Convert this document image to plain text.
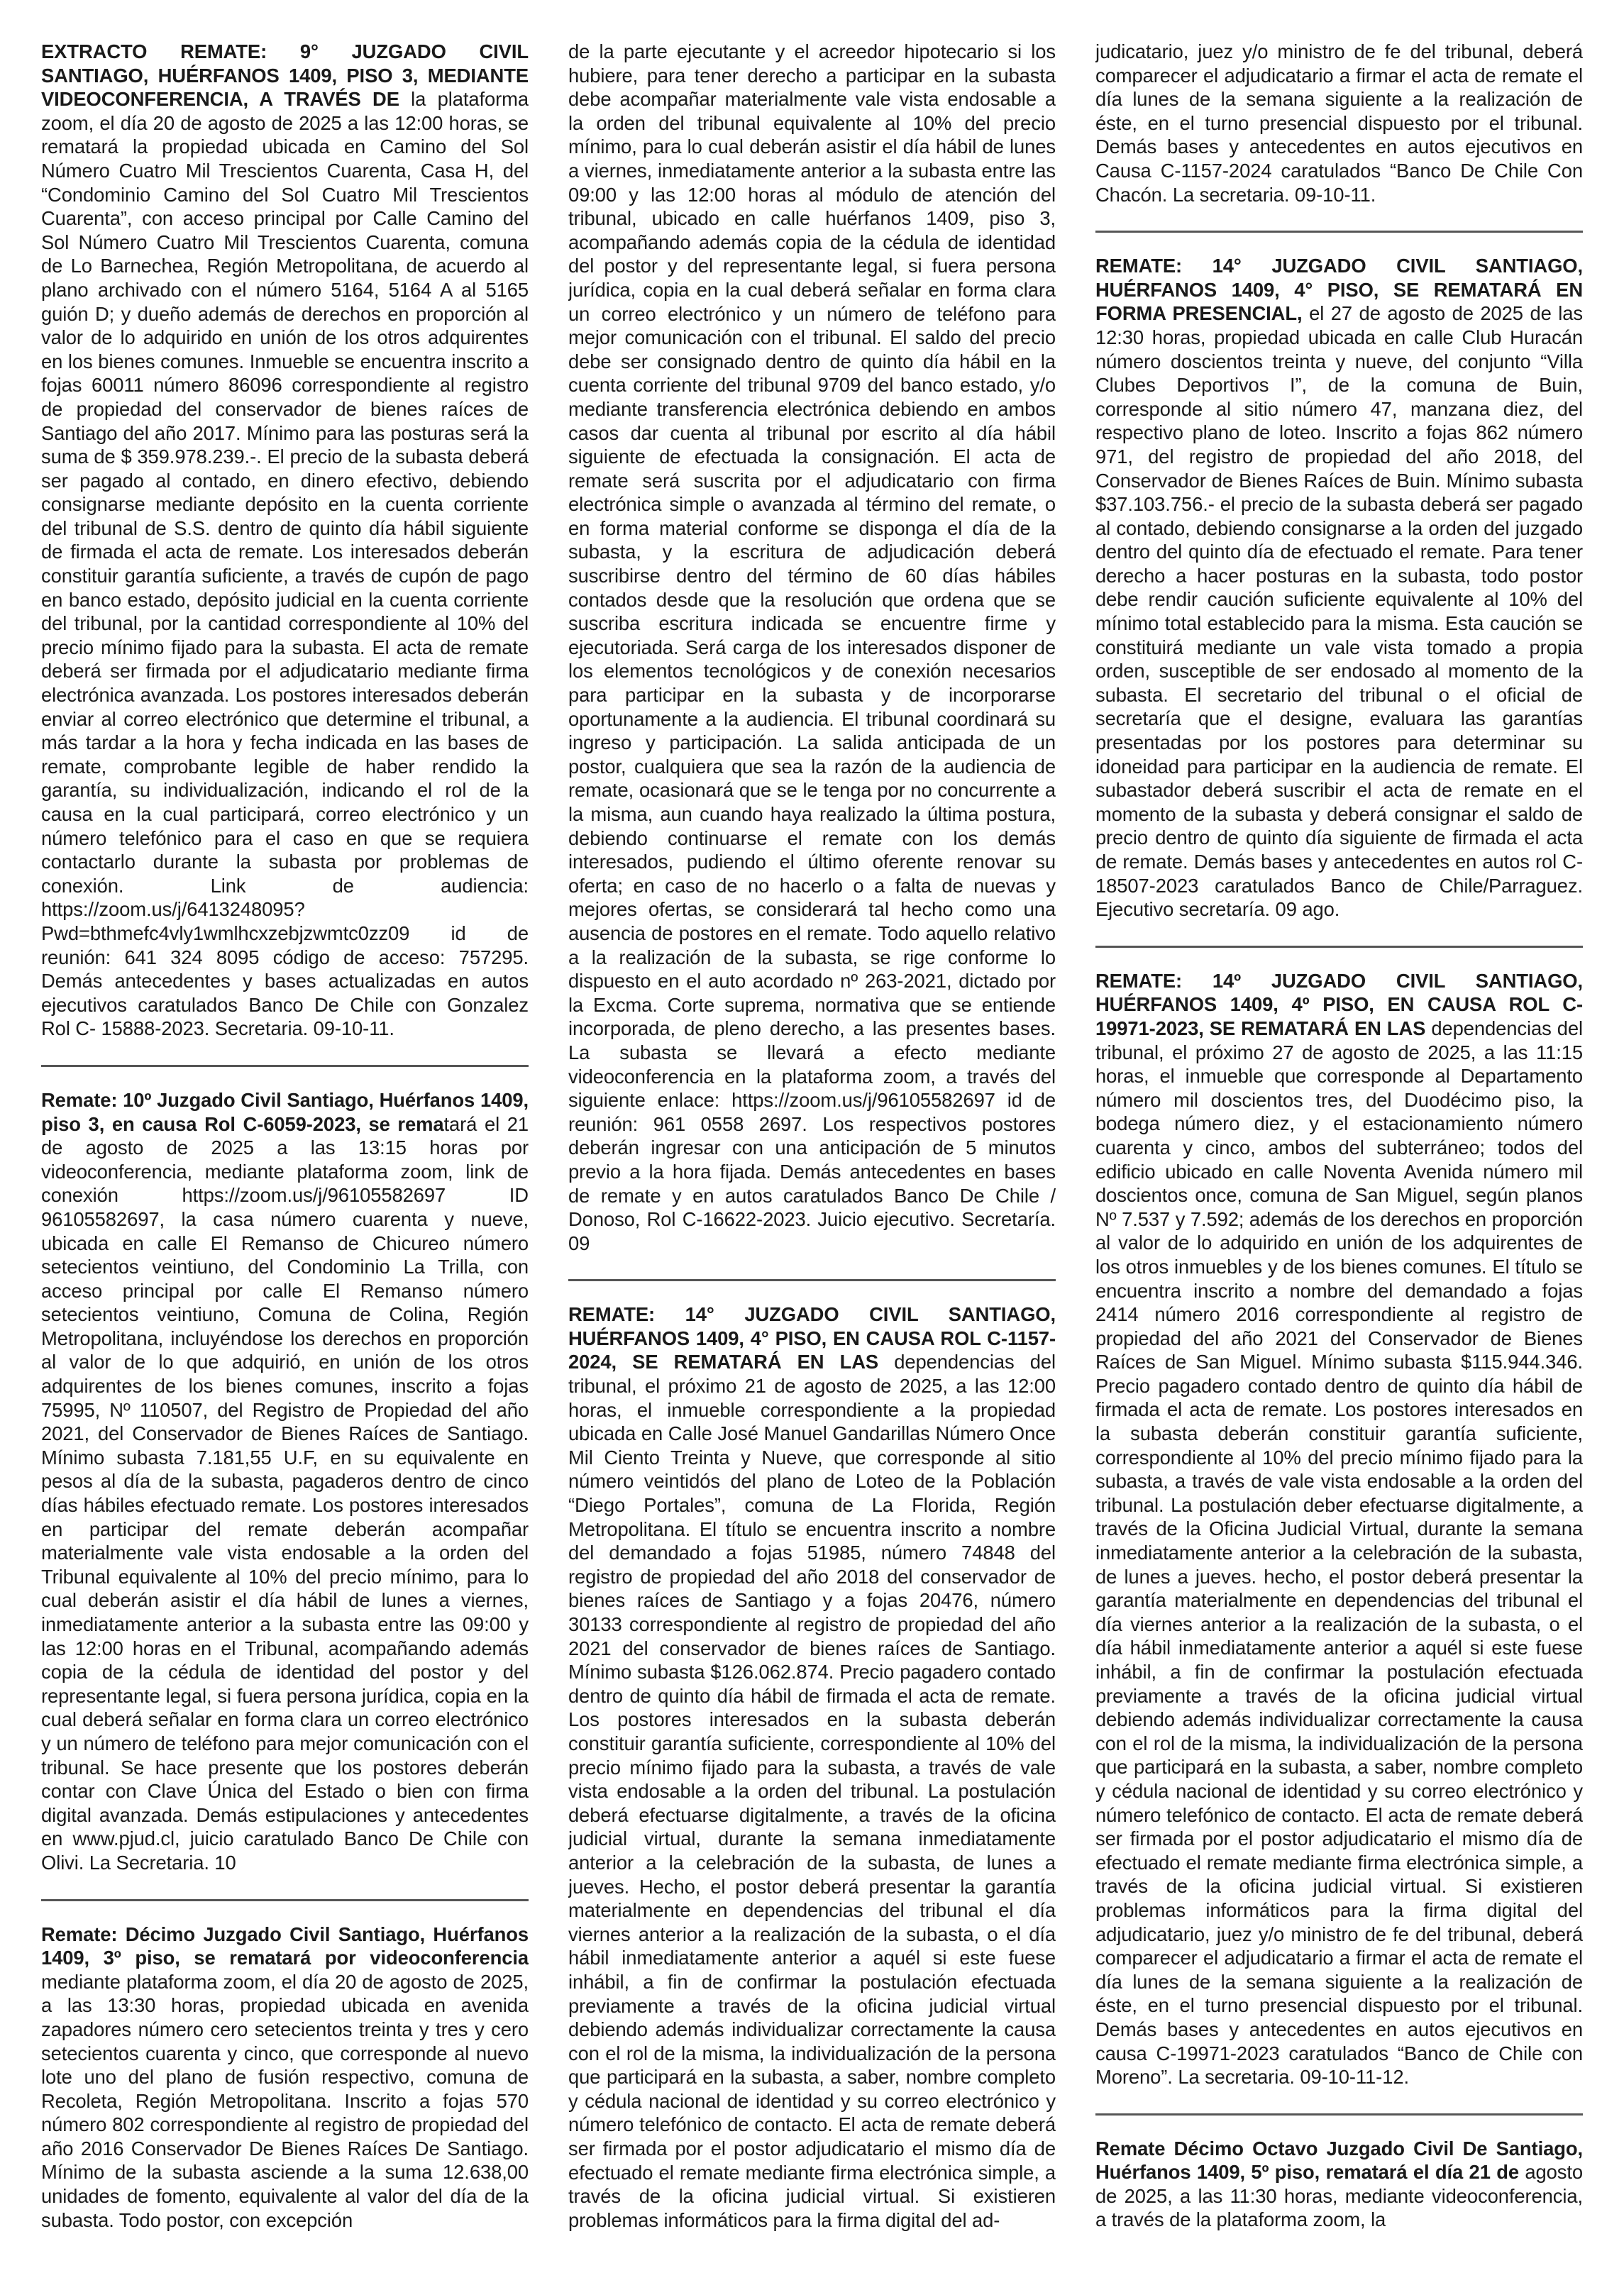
EXTRACTO REMATE: 9° JUZGADO CIVIL SANTIAGO, HUÉRFANOS 1409, PISO 3, MEDIANTE VIDEOCONFERENCIA, A TRAVÉS DE la plataforma zoom, el día 20 de agosto de 2025 a las 12:00 horas, se rematará la propiedad ubicada en Camino del Sol Número Cuatro Mil Trescientos Cuarenta, Casa H, del “Condominio Camino del Sol Cuatro Mil Trescientos Cuarenta”, con acceso principal por Calle Camino del Sol Número Cuatro Mil Trescientos Cuarenta, comuna de Lo Barnechea, Región Metropolitana, de acuerdo al plano archivado con el número 5164, 5164 A al 5165 guión D; y dueño además de derechos en proporción al valor de lo adquirido en unión de los otros adquirentes en los bienes comunes. Inmueble se encuentra inscrito a fojas 60011 número 86096 correspondiente al registro de propiedad del conservador de bienes raíces de Santiago del año 2017. Mínimo para las posturas será la suma de $ 359.978.239.-. El precio de la subasta deberá ser pagado al contado, en dinero efectivo, debiendo consignarse mediante depósito en la cuenta corriente del tribunal de S.S. dentro de quinto día hábil siguiente de firmada el acta de remate. Los interesados deberán constituir garantía suficiente, a través de cupón de pago en banco estado, depósito judicial en la cuenta corriente del tribunal, por la cantidad correspondiente al 10% del precio mínimo fijado para la subasta. El acta de remate deberá ser firmada por el adjudicatario mediante firma electrónica avanzada. Los postores interesados deberán enviar al correo electrónico que determine el tribunal, a más tardar a la hora y fecha indicada en las bases de remate, comprobante legible de haber rendido la garantía, su individualización, indicando el rol de la causa en la cual participará, correo electrónico y un número telefónico para el caso en que se requiera contactarlo durante la subasta por problemas de conexión. Link de audiencia: https://zoom.us/j/6413248095?Pwd=bthmefc4vly1wmlhcxzebjzwmtc0zz09 id de reunión: 641 324 8095 código de acceso: 757295. Demás antecedentes y bases actualizadas en autos ejecutivos caratulados Banco De Chile con Gonzalez Rol C- 15888-2023. Secretaria. 09-10-11.

Remate: 10º Juzgado Civil Santiago, Huérfanos 1409, piso 3, en causa Rol C-6059-2023, se rematará el 21 de agosto de 2025 a las 13:15 horas por videoconferencia, mediante plataforma zoom, link de conexión https://zoom.us/j/96105582697 ID 96105582697, la casa número cuarenta y nueve, ubicada en calle El Remanso de Chicureo número setecientos veintiuno, del Condominio La Trilla, con acceso principal por calle El Remanso número setecientos veintiuno, Comuna de Colina, Región Metropolitana, incluyéndose los derechos en proporción al valor de lo que adquirió, en unión de los otros adquirentes de los bienes comunes, inscrito a fojas 75995, Nº 110507, del Registro de Propiedad del año 2021, del Conservador de Bienes Raíces de Santiago. Mínimo subasta 7.181,55 U.F, en su equivalente en pesos al día de la subasta, pagaderos dentro de cinco días hábiles efectuado remate. Los postores interesados en participar del remate deberán acompañar materialmente vale vista endosable a la orden del Tribunal equivalente al 10% del precio mínimo, para lo cual deberán asistir el día hábil de lunes a viernes, inmediatamente anterior a la subasta entre las 09:00 y las 12:00 horas en el Tribunal, acompañando además copia de la cédula de identidad del postor y del representante legal, si fuera persona jurídica, copia en la cual deberá señalar en forma clara un correo electrónico y un número de teléfono para mejor comunicación con el tribunal. Se hace presente que los postores deberán contar con Clave Única del Estado o bien con firma digital avanzada. Demás estipulaciones y antecedentes en www.pjud.cl, juicio caratulado Banco De Chile con Olivi. La Secretaria. 10

Remate: Décimo Juzgado Civil Santiago, Huérfanos 1409, 3º piso, se rematará por videoconferencia mediante plataforma zoom, el día 20 de agosto de 2025, a las 13:30 horas, propiedad ubicada en avenida zapadores número cero setecientos treinta y tres y cero setecientos cuarenta y cinco, que corresponde al nuevo lote uno del plano de fusión respectivo, comuna de Recoleta, Región Metropolitana. Inscrito a fojas 570 número 802 correspondiente al registro de propiedad del año 2016 Conservador De Bienes Raíces De Santiago. Mínimo de la subasta asciende a la suma 12.638,00 unidades de fomento, equivalente al valor del día de la subasta. Todo postor, con excepción

de la parte ejecutante y el acreedor hipotecario si los hubiere, para tener derecho a participar en la subasta debe acompañar materialmente vale vista endosable a la orden del tribunal equivalente al 10% del precio mínimo, para lo cual deberán asistir el día hábil de lunes a viernes, inmediatamente anterior a la subasta entre las 09:00 y las 12:00 horas al módulo de atención del tribunal, ubicado en calle huérfanos 1409, piso 3, acompañando además copia de la cédula de identidad del postor y del representante legal, si fuera persona jurídica, copia en la cual deberá señalar en forma clara un correo electrónico y un número de teléfono para mejor comunicación con el tribunal. El saldo del precio debe ser consignado dentro de quinto día hábil en la cuenta corriente del tribunal 9709 del banco estado, y/o mediante transferencia electrónica debiendo en ambos casos dar cuenta al tribunal por escrito al día hábil siguiente de efectuada la consignación. El acta de remate será suscrita por el adjudicatario con firma electrónica simple o avanzada al término del remate, o en forma material conforme se disponga el día de la subasta, y la escritura de adjudicación deberá suscribirse dentro del término de 60 días hábiles contados desde que la resolución que ordena que se suscriba escritura indicada se encuentre firme y ejecutoriada. Será carga de los interesados disponer de los elementos tecnológicos y de conexión necesarios para participar en la subasta y de incorporarse oportunamente a la audiencia. El tribunal coordinará su ingreso y participación. La salida anticipada de un postor, cualquiera que sea la razón de la audiencia de remate, ocasionará que se le tenga por no concurrente a la misma, aun cuando haya realizado la última postura, debiendo continuarse el remate con los demás interesados, pudiendo el último oferente renovar su oferta; en caso de no hacerlo o a falta de nuevas y mejores ofertas, se considerará tal hecho como una ausencia de postores en el remate. Todo aquello relativo a la realización de la subasta, se rige conforme lo dispuesto en el auto acordado nº 263-2021, dictado por la Excma. Corte suprema, normativa que se entiende incorporada, de pleno derecho, a las presentes bases. La subasta se llevará a efecto mediante videoconferencia en la plataforma zoom, a través del siguiente enlace: https://zoom.us/j/96105582697 id de reunión: 961 0558 2697. Los respectivos postores deberán ingresar con una anticipación de 5 minutos previo a la hora fijada. Demás antecedentes en bases de remate y en autos caratulados Banco De Chile / Donoso, Rol C-16622-2023. Juicio ejecutivo. Secretaría. 09

REMATE: 14° JUZGADO CIVIL SANTIAGO, HUÉRFANOS 1409, 4° PISO, EN CAUSA ROL C-1157-2024, SE REMATARÁ EN LAS dependencias del tribunal, el próximo 21 de agosto de 2025, a las 12:00 horas, el inmueble correspondiente a la propiedad ubicada en Calle José Manuel Gandarillas Número Once Mil Ciento Treinta y Nueve, que corresponde al sitio número veintidós del plano de Loteo de la Población “Diego Portales”, comuna de La Florida, Región Metropolitana. El título se encuentra inscrito a nombre del demandado a fojas 51985, número 74848 del registro de propiedad del año 2018 del conservador de bienes raíces de Santiago y a fojas 20476, número 30133 correspondiente al registro de propiedad del año 2021 del conservador de bienes raíces de Santiago. Mínimo subasta $126.062.874. Precio pagadero contado dentro de quinto día hábil de firmada el acta de remate. Los postores interesados en la subasta deberán constituir garantía suficiente, correspondiente al 10% del precio mínimo fijado para la subasta, a través de vale vista endosable a la orden del tribunal. La postulación deberá efectuarse digitalmente, a través de la oficina judicial virtual, durante la semana inmediatamente anterior a la celebración de la subasta, de lunes a jueves. Hecho, el postor deberá presentar la garantía materialmente en dependencias del tribunal el día viernes anterior a la realización de la subasta, o el día hábil inmediatamente anterior a aquél si este fuese inhábil, a fin de confirmar la postulación efectuada previamente a través de la oficina judicial virtual debiendo además individualizar correctamente la causa con el rol de la misma, la individualización de la persona que participará en la subasta, a saber, nombre completo y cédula nacional de identidad y su correo electrónico y número telefónico de contacto. El acta de remate deberá ser firmada por el postor adjudicatario el mismo día de efectuado el remate mediante firma electrónica simple, a través de la oficina judicial virtual. Si existieren problemas informáticos para la firma digital del ad-

judicatario, juez y/o ministro de fe del tribunal, deberá comparecer el adjudicatario a firmar el acta de remate el día lunes de la semana siguiente a la realización de éste, en el turno presencial dispuesto por el tribunal. Demás bases y antecedentes en autos ejecutivos en Causa C-1157-2024 caratulados “Banco De Chile Con Chacón. La secretaria. 09-10-11.

REMATE: 14° JUZGADO CIVIL SANTIAGO, HUÉRFANOS 1409, 4° PISO, SE REMATARÁ EN FORMA PRESENCIAL, el 27 de agosto de 2025 de las 12:30 horas, propiedad ubicada en calle Club Huracán número doscientos treinta y nueve, del conjunto “Villa Clubes Deportivos I”, de la comuna de Buin, corresponde al sitio número 47, manzana diez, del respectivo plano de loteo. Inscrito a fojas 862 número 971, del registro de propiedad del año 2018, del Conservador de Bienes Raíces de Buin. Mínimo subasta $37.103.756.- el precio de la subasta deberá ser pagado al contado, debiendo consignarse a la orden del juzgado dentro del quinto día de efectuado el remate. Para tener derecho a hacer posturas en la subasta, todo postor debe rendir caución suficiente equivalente al 10% del mínimo total establecido para la misma. Esta caución se constituirá mediante un vale vista tomado a propia orden, susceptible de ser endosado al momento de la subasta. El secretario del tribunal o el oficial de secretaría que el designe, evaluara las garantías presentadas por los postores para determinar su idoneidad para participar en la audiencia de remate. El subastador deberá suscribir el acta de remate en el momento de la subasta y deberá consignar el saldo de precio dentro de quinto día siguiente de firmada el acta de remate. Demás bases y antecedentes en autos rol C-18507-2023 caratulados Banco de Chile/Parraguez. Ejecutivo secretaría. 09 ago.

REMATE: 14º JUZGADO CIVIL SANTIAGO, HUÉRFANOS 1409, 4º PISO, EN CAUSA ROL C-19971-2023, SE REMATARÁ EN LAS dependencias del tribunal, el próximo 27 de agosto de 2025, a las 11:15 horas, el inmueble que corresponde al Departamento número mil doscientos tres, del Duodécimo piso, la bodega número diez, y el estacionamiento número cuarenta y cinco, ambos del subterráneo; todos del edificio ubicado en calle Noventa Avenida número mil doscientos once, comuna de San Miguel, según planos Nº 7.537 y 7.592; además de los derechos en proporción al valor de lo adquirido en unión de los adquirentes de los otros inmuebles y de los bienes comunes. El título se encuentra inscrito a nombre del demandado a fojas 2414 número 2016 correspondiente al registro de propiedad del año 2021 del Conservador de Bienes Raíces de San Miguel. Mínimo subasta $115.944.346. Precio pagadero contado dentro de quinto día hábil de firmada el acta de remate. Los postores interesados en la subasta deberán constituir garantía suficiente, correspondiente al 10% del precio mínimo fijado para la subasta, a través de vale vista endosable a la orden del tribunal. La postulación deber efectuarse digitalmente, a través de la Oficina Judicial Virtual, durante la semana inmediatamente anterior a la celebración de la subasta, de lunes a jueves. hecho, el postor deberá presentar la garantía materialmente en dependencias del tribunal el día viernes anterior a la realización de la subasta, o el día hábil inmediatamente anterior a aquél si este fuese inhábil, a fin de confirmar la postulación efectuada previamente a través de la oficina judicial virtual debiendo además individualizar correctamente la causa con el rol de la misma, la individualización de la persona que participará en la subasta, a saber, nombre completo y cédula nacional de identidad y su correo electrónico y número telefónico de contacto. El acta de remate deberá ser firmada por el postor adjudicatario el mismo día de efectuado el remate mediante firma electrónica simple, a través de la oficina judicial virtual. Si existieren problemas informáticos para la firma digital del adjudicatario, juez y/o ministro de fe del tribunal, deberá comparecer el adjudicatario a firmar el acta de remate el día lunes de la semana siguiente a la realización de éste, en el turno presencial dispuesto por el tribunal. Demás bases y antecedentes en autos ejecutivos en causa C-19971-2023 caratulados “Banco de Chile con Moreno”. La secretaria. 09-10-11-12.

Remate Décimo Octavo Juzgado Civil De Santiago, Huérfanos 1409, 5º piso, rematará el día 21 de agosto de 2025, a las 11:30 horas, mediante videoconferencia, a través de la plataforma zoom, la
